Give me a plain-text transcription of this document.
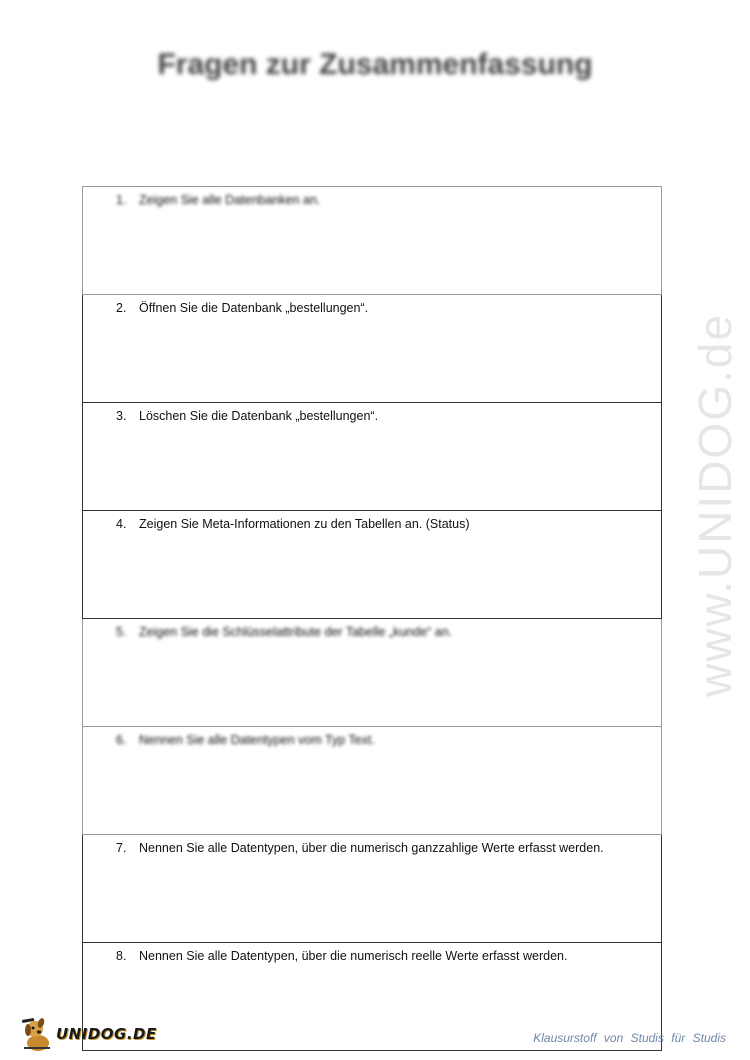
www.UNIDOG.de
Fragen zur Zusammenfassung
1.	Zeigen Sie alle Datenbanken an.

2.	Öffnen Sie die Datenbank „bestellungen“.

3.	Löschen Sie die Datenbank „bestellungen“.

4.	Zeigen Sie Meta-Informationen zu den Tabellen an. (Status)

5.	Zeigen Sie die Schlüsselattribute der Tabelle „kunde“ an.

6.	Nennen Sie alle Datentypen vom Typ Text.

7.	Nennen Sie alle Datentypen, über die numerisch ganzzahlige Werte erfasst werden.

8.	Nennen Sie alle Datentypen, über die numerisch reelle Werte erfasst werden.
UNIDOG.DE	Klausurstoff von Studis für Studis
